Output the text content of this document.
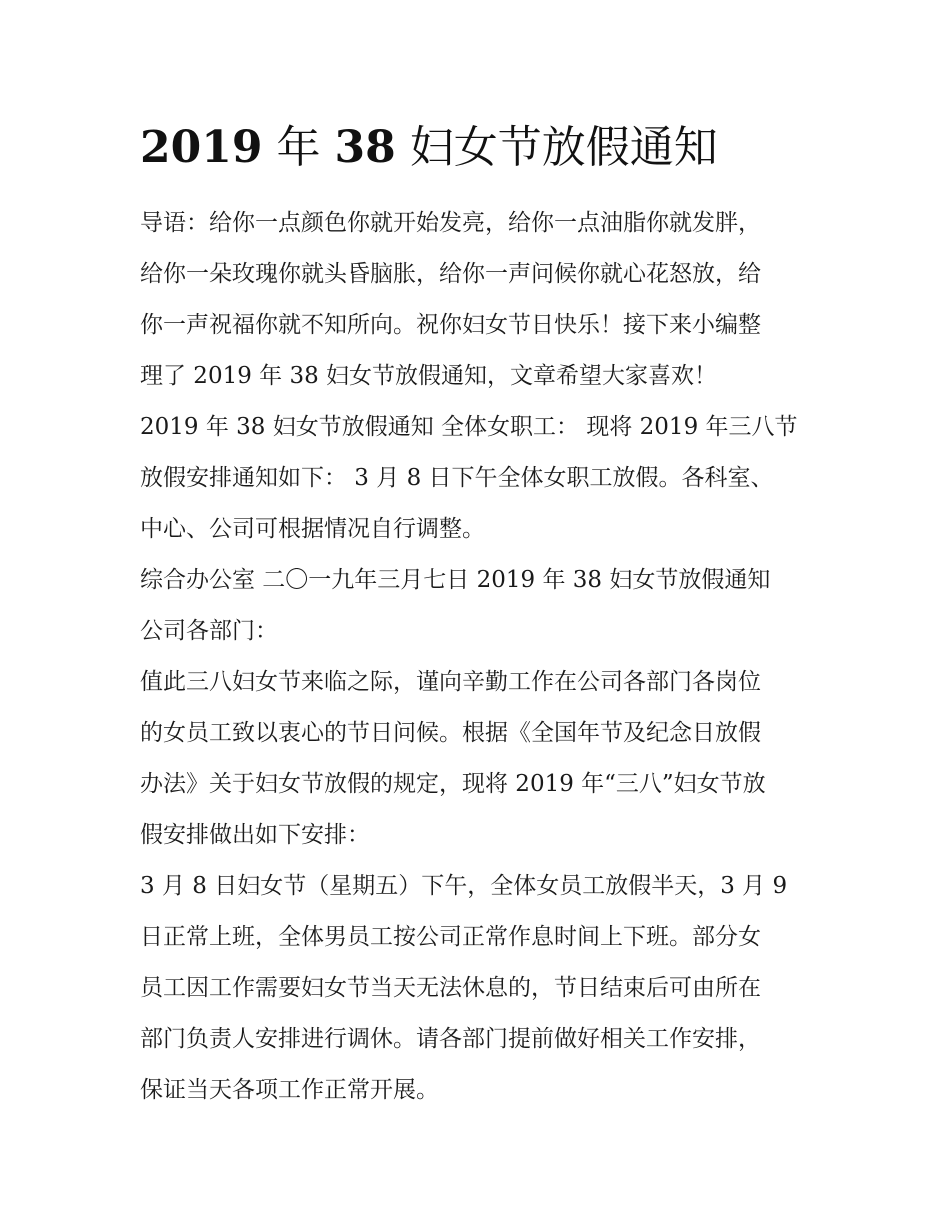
2019 年 38 妇女节放假通知
导语：给你一点颜色你就开始发亮，给你一点油脂你就发胖，
给你一朵玫瑰你就头昏脑胀，给你一声问候你就心花怒放，给
你一声祝福你就不知所向。祝你妇女节日快乐！接下来小编整
理了 2019 年 38 妇女节放假通知，文章希望大家喜欢！
2019 年 38 妇女节放假通知 全体女职工： 现将 2019 年三八节
放假安排通知如下： 3 月 8 日下午全体女职工放假。各科室、
中心、公司可根据情况自行调整。
综合办公室 二〇一九年三月七日 2019 年 38 妇女节放假通知
公司各部门：
值此三八妇女节来临之际，谨向辛勤工作在公司各部门各岗位
的女员工致以衷心的节日问候。根据《全国年节及纪念日放假
办法》关于妇女节放假的规定，现将 2019 年“三八”妇女节放
假安排做出如下安排：
3 月 8 日妇女节（星期五）下午，全体女员工放假半天，3 月 9
日正常上班，全体男员工按公司正常作息时间上下班。部分女
员工因工作需要妇女节当天无法休息的，节日结束后可由所在
部门负责人安排进行调休。请各部门提前做好相关工作安排，
保证当天各项工作正常开展。
